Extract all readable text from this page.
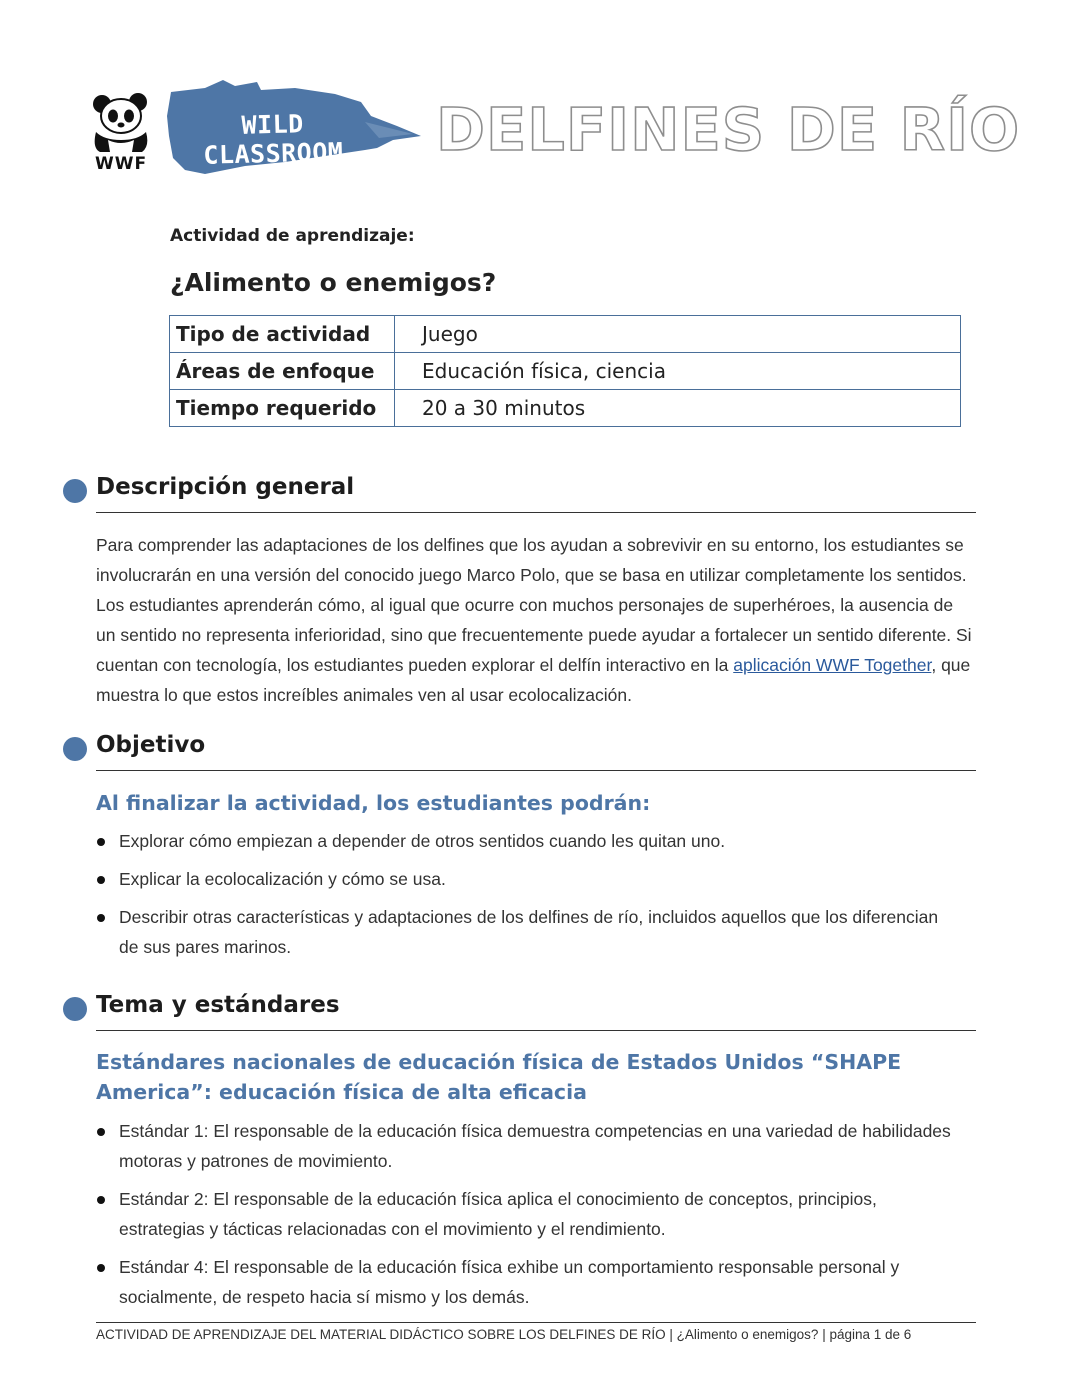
WWF
WILD CLASSROOM	DELFINES DE RÍO
Actividad de aprendizaje:
¿Alimento o enemigos?
Tipo de actividad	Juego
Áreas de enfoque	Educación física, ciencia
Tiempo requerido	20 a 30 minutos
Descripción general

Para comprender las adaptaciones de los delfines que los ayudan a sobrevivir en su entorno, los estudiantes se involucrarán en una versión del conocido juego Marco Polo, que se basa en utilizar completamente los sentidos. Los estudiantes aprenderán cómo, al igual que ocurre con muchos personajes de superhéroes, la ausencia de un sentido no representa inferioridad, sino que frecuentemente puede ayudar a fortalecer un sentido diferente. Si cuentan con tecnología, los estudiantes pueden explorar el delfín interactivo en la aplicación WWF Together, que muestra lo que estos increíbles animales ven al usar ecolocalización.

Objetivo
Al finalizar la actividad, los estudiantes podrán:
Explorar cómo empiezan a depender de otros sentidos cuando les quitan uno.
Explicar la ecolocalización y cómo se usa.
Describir otras características y adaptaciones de los delfines de río, incluidos aquellos que los diferencian de sus pares marinos.
Tema y estándares
Estándares nacionales de educación física de Estados Unidos “SHAPE America”: educación física de alta eficacia
Estándar 1: El responsable de la educación física demuestra competencias en una variedad de habilidades motoras y patrones de movimiento.
Estándar 2: El responsable de la educación física aplica el conocimiento de conceptos, principios, estrategias y tácticas relacionadas con el movimiento y el rendimiento.
Estándar 4: El responsable de la educación física exhibe un comportamiento responsable personal y socialmente, de respeto hacia sí mismo y los demás.
ACTIVIDAD DE APRENDIZAJE DEL MATERIAL DIDÁCTICO SOBRE LOS DELFINES DE RÍO | ¿Alimento o enemigos? | página 1 de 6
